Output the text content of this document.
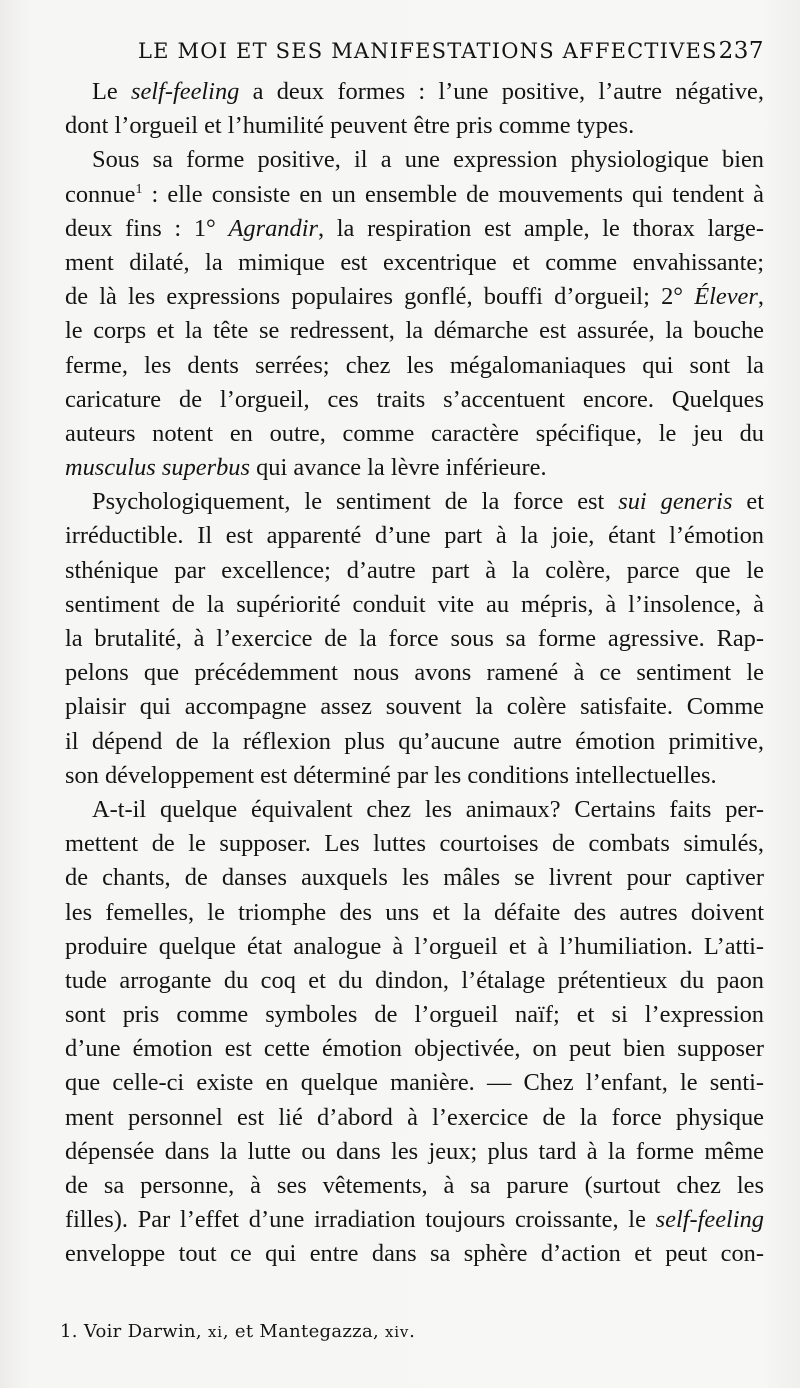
LE MOI ET SES MANIFESTATIONS AFFECTIVES 237
Le self-feeling a deux formes : l’une positive, l’autre négative,
dont l’orgueil et l’humilité peuvent être pris comme types.
Sous sa forme positive, il a une expression physiologique bien
connue$^1$ : elle consiste en un ensemble de mouvements qui tendent à
deux fins : 1° Agrandir, la respiration est ample, le thorax large-
ment dilaté, la mimique est excentrique et comme envahissante;
de là les expressions populaires gonflé, bouffi d’orgueil; 2° Élever,
le corps et la tête se redressent, la démarche est assurée, la bouche
ferme, les dents serrées; chez les mégalomaniaques qui sont la
caricature de l’orgueil, ces traits s’accentuent encore. Quelques
auteurs notent en outre, comme caractère spécifique, le jeu du
musculus superbus qui avance la lèvre inférieure.
Psychologiquement, le sentiment de la force est sui generis et
irréductible. Il est apparenté d’une part à la joie, étant l’émotion
sthénique par excellence; d’autre part à la colère, parce que le
sentiment de la supériorité conduit vite au mépris, à l’insolence, à
la brutalité, à l’exercice de la force sous sa forme agressive. Rap-
pelons que précédemment nous avons ramené à ce sentiment le
plaisir qui accompagne assez souvent la colère satisfaite. Comme
il dépend de la réflexion plus qu’aucune autre émotion primitive,
son développement est déterminé par les conditions intellectuelles.
A-t-il quelque équivalent chez les animaux? Certains faits per-
mettent de le supposer. Les luttes courtoises de combats simulés,
de chants, de danses auxquels les mâles se livrent pour captiver
les femelles, le triomphe des uns et la défaite des autres doivent
produire quelque état analogue à l’orgueil et à l’humiliation. L’atti-
tude arrogante du coq et du dindon, l’étalage prétentieux du paon
sont pris comme symboles de l’orgueil naïf; et si l’expression
d’une émotion est cette émotion objectivée, on peut bien supposer
que celle-ci existe en quelque manière. — Chez l’enfant, le senti-
ment personnel est lié d’abord à l’exercice de la force physique
dépensée dans la lutte ou dans les jeux; plus tard à la forme même
de sa personne, à ses vêtements, à sa parure (surtout chez les
filles). Par l’effet d’une irradiation toujours croissante, le self-feeling
enveloppe tout ce qui entre dans sa sphère d’action et peut con-
1. Voir Darwin, xi, et Mantegazza, xiv.
